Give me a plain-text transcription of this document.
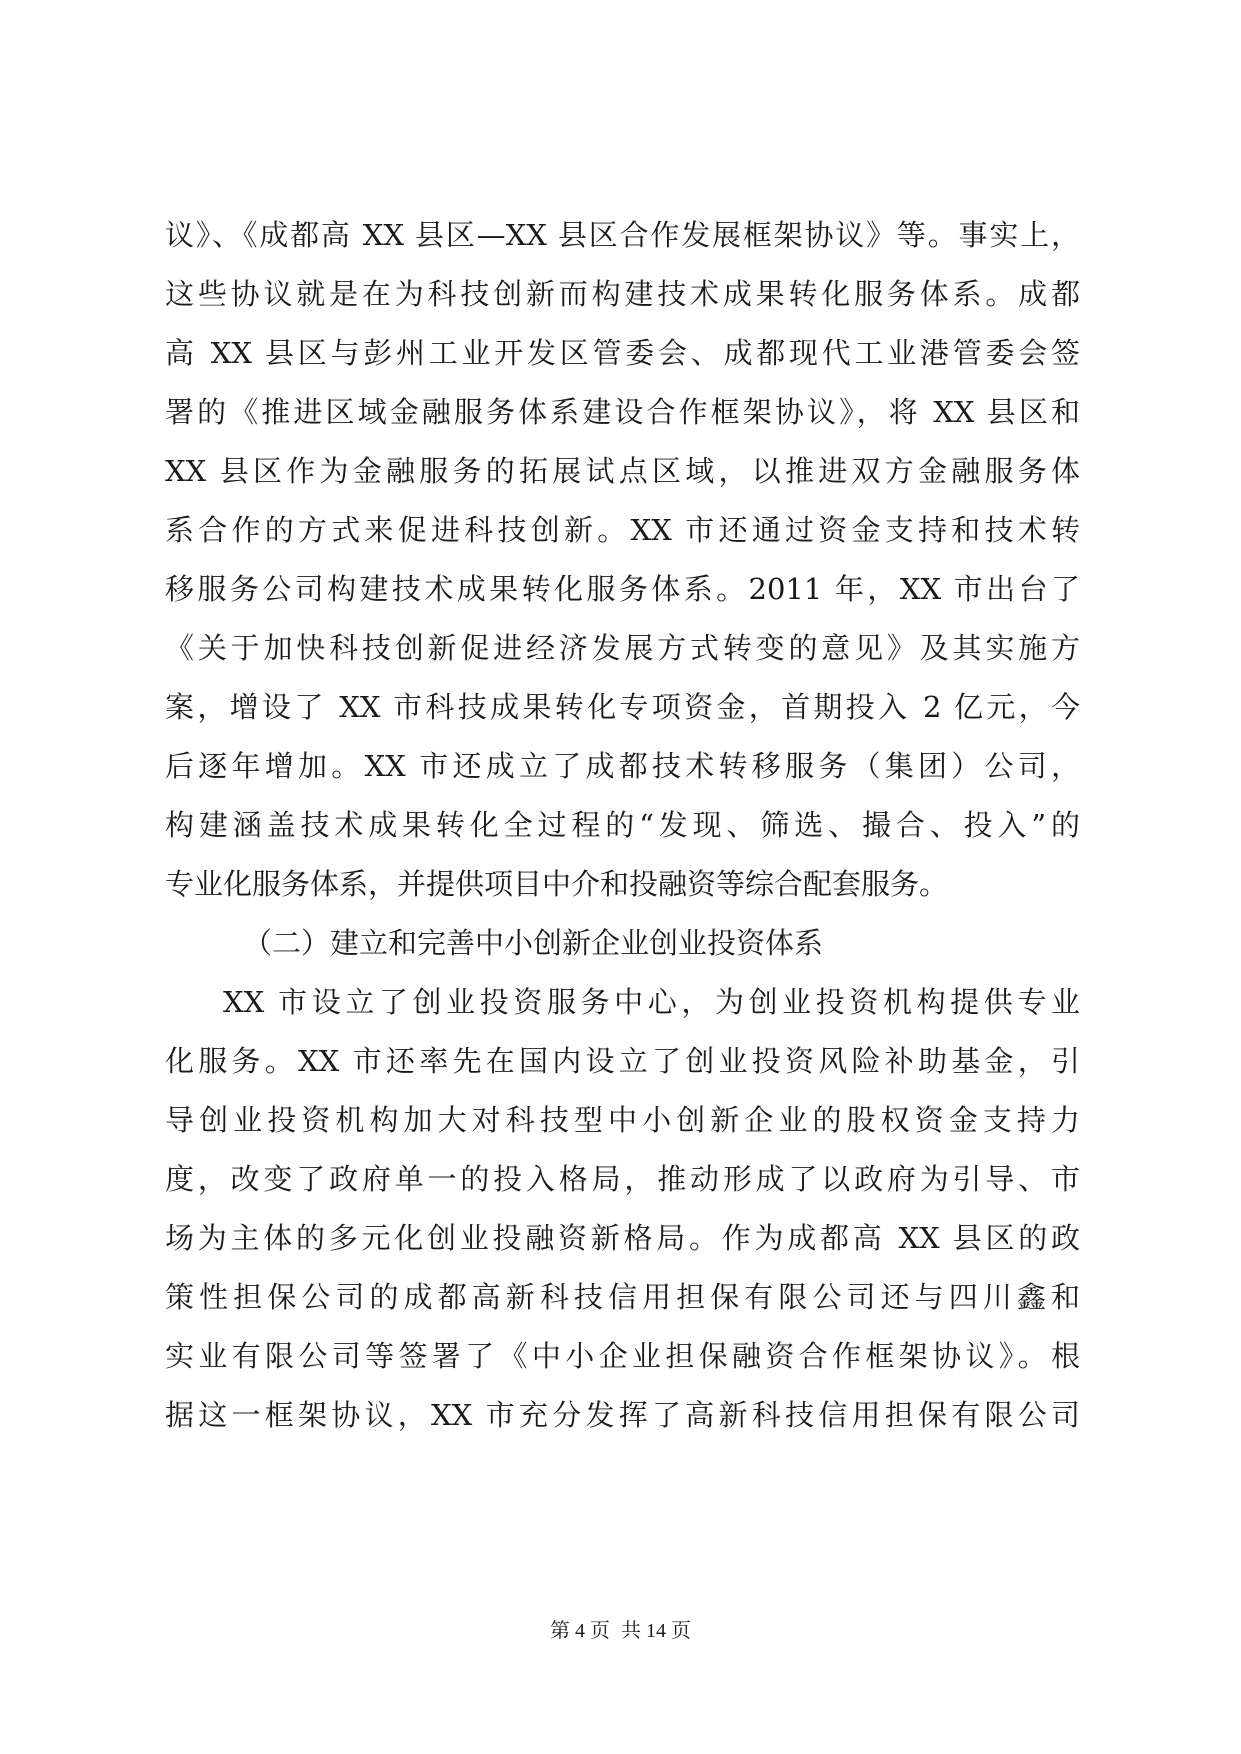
议》、《成都高 XX 县区—XX 县区合作发展框架协议》等。事实上，
这些协议就是在为科技创新而构建技术成果转化服务体系。成都
高 XX 县区与彭州工业开发区管委会、成都现代工业港管委会签
署的《推进区域金融服务体系建设合作框架协议》，将 XX 县区和
XX 县区作为金融服务的拓展试点区域，以推进双方金融服务体
系合作的方式来促进科技创新。XX 市还通过资金支持和技术转
移服务公司构建技术成果转化服务体系。2011 年，XX 市出台了
《关于加快科技创新促进经济发展方式转变的意见》及其实施方
案，增设了 XX 市科技成果转化专项资金，首期投入 2 亿元，今
后逐年增加。XX 市还成立了成都技术转移服务（集团）公司，
构建涵盖技术成果转化全过程的“发现、筛选、撮合、投入”的
专业化服务体系，并提供项目中介和投融资等综合配套服务。
（二）建立和完善中小创新企业创业投资体系
XX 市设立了创业投资服务中心，为创业投资机构提供专业
化服务。XX 市还率先在国内设立了创业投资风险补助基金，引
导创业投资机构加大对科技型中小创新企业的股权资金支持力
度，改变了政府单一的投入格局，推动形成了以政府为引导、市
场为主体的多元化创业投融资新格局。作为成都高 XX 县区的政
策性担保公司的成都高新科技信用担保有限公司还与四川鑫和
实业有限公司等签署了《中小企业担保融资合作框架协议》。根
据这一框架协议，XX 市充分发挥了高新科技信用担保有限公司
第 4 页 共 14 页
